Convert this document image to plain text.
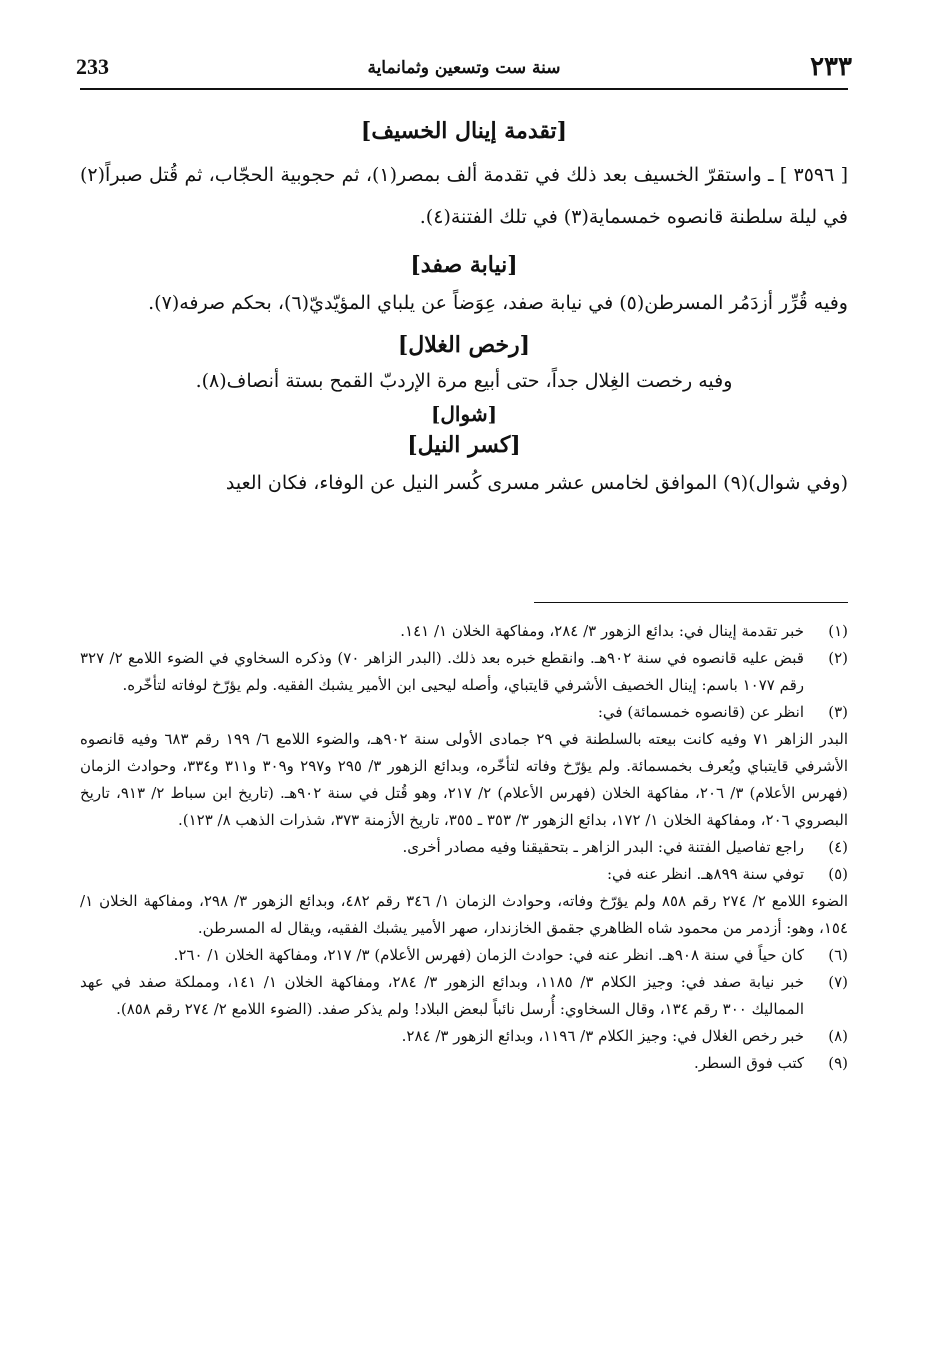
٢٣٣
سنة ست وتسعين وثمانماية
233
[تقدمة إينال الخسيف]

[ ٣٥٩٦ ] ـ واستقرّ الخسيف بعد ذلك في تقدمة ألف بمصر(١)، ثم حجوبية الحجّاب، ثم قُتل صبراً(٢) في ليلة سلطنة قانصوه خمسماية(٣) في تلك الفتنة(٤).

[نيابة صفد]

وفيه قُرِّر أزدَمُر المسرطن(٥) في نيابة صفد، عِوَضاً عن يلباي المؤيّديّ(٦)، بحكم صرفه(٧).

[رخص الغلال]

وفيه رخصت الغِلال جداً، حتى أبيع مرة الإردبّ القمح بستة أنصاف(٨).

[شوال]
[كسر النيل]

(وفي شوال)(٩) الموافق لخامس عشر مسرى كُسر النيل عن الوفاء، فكان العيد

(١)
خبر تقدمة إينال في: بدائع الزهور ٣/ ٢٨٤، ومفاكهة الخلان ١/ ١٤١.
(٢)
قبض عليه قانصوه في سنة ٩٠٢هـ. وانقطع خبره بعد ذلك. (البدر الزاهر ٧٠) وذكره السخاوي في الضوء اللامع ٢/ ٣٢٧ رقم ١٠٧٧ باسم: إينال الخصيف الأشرفي قايتباي، وأصله ليحيى ابن الأمير يشبك الفقيه. ولم يؤرّخ لوفاته لتأخّره.
(٣)
انظر عن (قانصوه خمسمائة) في:
البدر الزاهر ٧١ وفيه كانت بيعته بالسلطنة في ٢٩ جمادى الأولى سنة ٩٠٢هـ، والضوء اللامع ٦/ ١٩٩ رقم ٦٨٣ وفيه قانصوه الأشرفي قايتباي ويُعرف بخمسمائة. ولم يؤرّخ وفاته لتأخّره، وبدائع الزهور ٣/ ٢٩٥ و٢٩٧ و٣٠٩ و٣١١ و٣٣٤، وحوادث الزمان (فهرس الأعلام) ٣/ ٢٠٦، مفاكهة الخلان (فهرس الأعلام) ٢/ ٢١٧، وهو قُتل في سنة ٩٠٢هـ. (تاريخ ابن سباط ٢/ ٩١٣، تاريخ البصروي ٢٠٦، ومفاكهة الخلان ١/ ١٧٢، بدائع الزهور ٣/ ٣٥٣ ـ ٣٥٥، تاريخ الأزمنة ٣٧٣، شذرات الذهب ٨/ ١٢٣).
(٤)
راجع تفاصيل الفتنة في: البدر الزاهر ـ بتحقيقنا وفيه مصادر أخرى.
(٥)
توفي سنة ٨٩٩هـ. انظر عنه في:
الضوء اللامع ٢/ ٢٧٤ رقم ٨٥٨ ولم يؤرّخ وفاته، وحوادث الزمان ١/ ٣٤٦ رقم ٤٨٢، وبدائع الزهور ٣/ ٢٩٨، ومفاكهة الخلان ١/ ١٥٤، وهو: أزدمر من محمود شاه الظاهري جقمق الخازندار، صهر الأمير يشبك الفقيه، ويقال له المسرطن.
(٦)
كان حياً في سنة ٩٠٨هـ. انظر عنه في: حوادث الزمان (فهرس الأعلام) ٣/ ٢١٧، ومفاكهة الخلان ١/ ٢٦٠.
(٧)
خبر نيابة صفد في: وجيز الكلام ٣/ ١١٨٥، وبدائع الزهور ٣/ ٢٨٤، ومفاكهة الخلان ١/ ١٤١، ومملكة صفد في عهد المماليك ٣٠٠ رقم ١٣٤، وقال السخاوي: أُرسل نائباً لبعض البلاد! ولم يذكر صفد. (الضوء اللامع ٢/ ٢٧٤ رقم ٨٥٨).
(٨)
خبر رخص الغلال في: وجيز الكلام ٣/ ١١٩٦، وبدائع الزهور ٣/ ٢٨٤.
(٩)
كتب فوق السطر.
